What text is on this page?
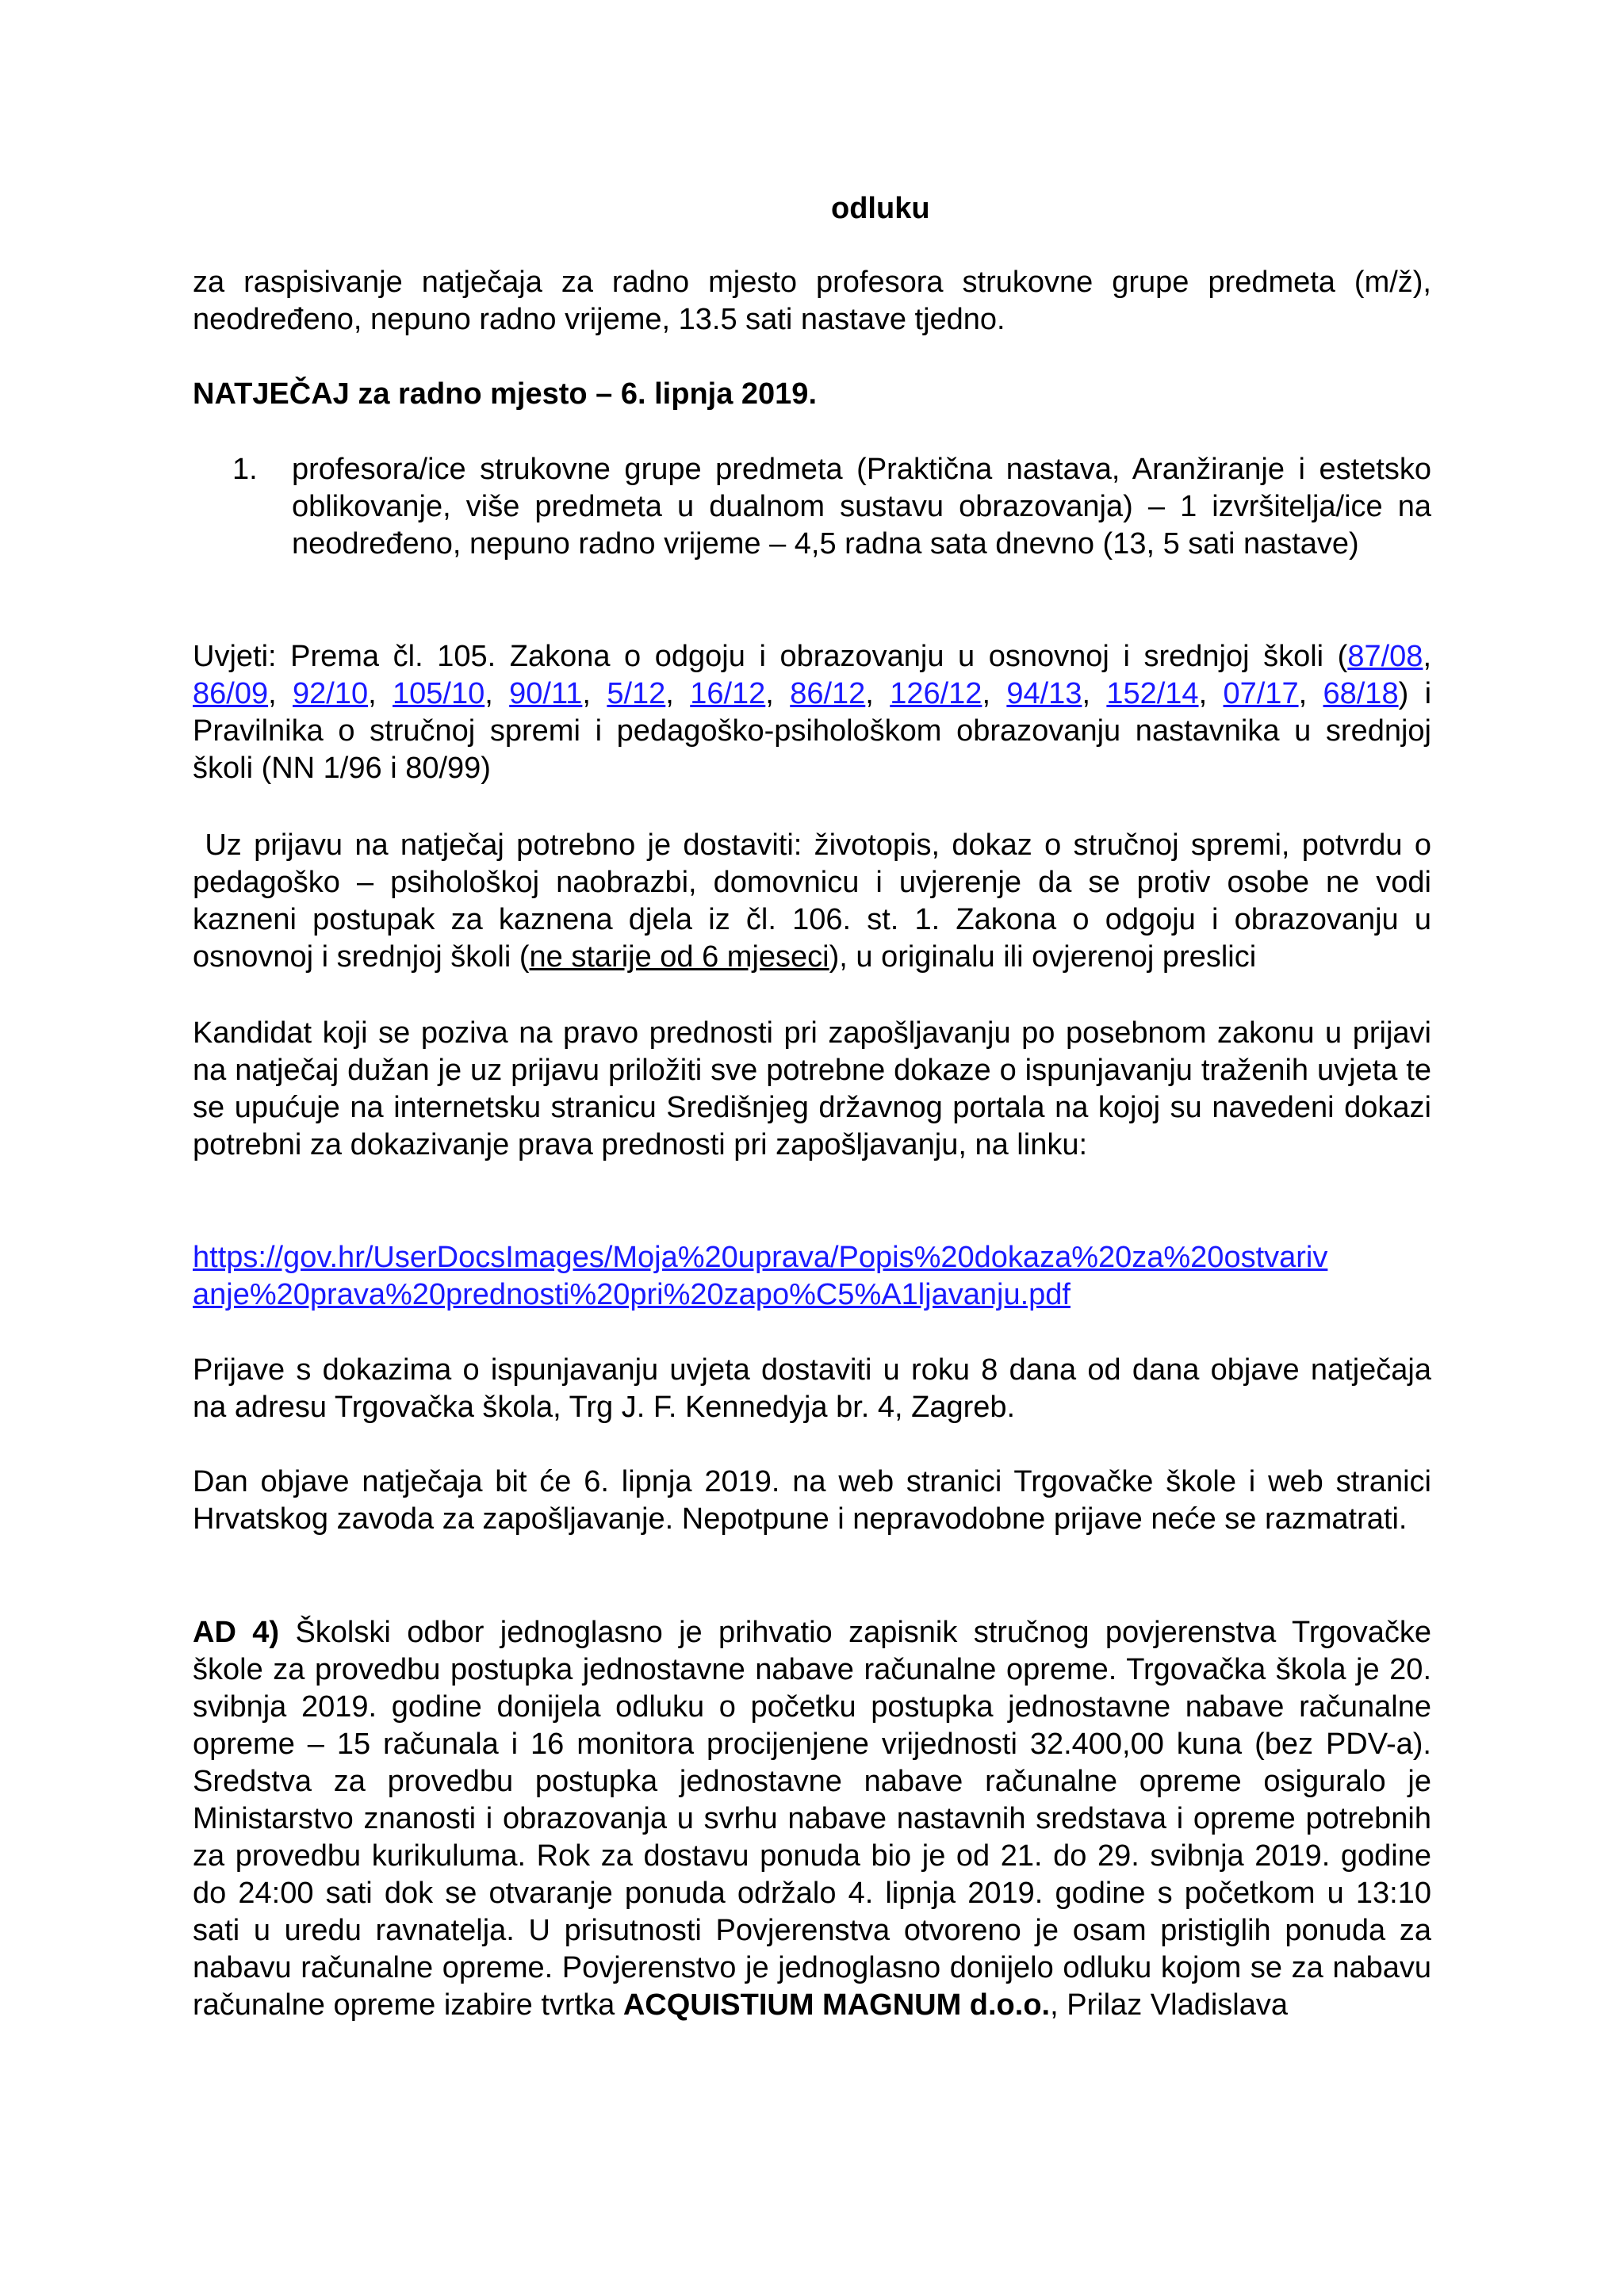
odluku

za raspisivanje natječaja za radno mjesto profesora strukovne grupe predmeta (m/ž), neodređeno, nepuno radno vrijeme, 13.5 sati nastave tjedno.

NATJEČAJ za radno mjesto – 6. lipnja 2019.

1. profesora/ice strukovne grupe predmeta (Praktična nastava, Aranžiranje i estetsko oblikovanje, više predmeta u dualnom sustavu obrazovanja) – 1 izvršitelja/ice na neodređeno, nepuno radno vrijeme – 4,5 radna sata dnevno (13, 5 sati nastave)

Uvjeti: Prema čl. 105. Zakona o odgoju i obrazovanju u osnovnoj i srednjoj školi (87/08, 86/09, 92/10, 105/10, 90/11, 5/12, 16/12, 86/12, 126/12, 94/13, 152/14, 07/17, 68/18) i Pravilnika o stručnoj spremi i pedagoško-psihološkom obrazovanju nastavnika u srednjoj školi (NN 1/96 i 80/99)

Uz prijavu na natječaj potrebno je dostaviti: životopis, dokaz o stručnoj spremi, potvrdu o pedagoško – psihološkoj naobrazbi, domovnicu i uvjerenje da se protiv osobe ne vodi kazneni postupak za kaznena djela iz čl. 106. st. 1. Zakona o odgoju i obrazovanju u osnovnoj i srednjoj školi (ne starije od 6 mjeseci), u originalu ili ovjerenoj preslici

Kandidat koji se poziva na pravo prednosti pri zapošljavanju po posebnom zakonu u prijavi na natječaj dužan je uz prijavu priložiti sve potrebne dokaze o ispunjavanju traženih uvjeta te se upućuje na internetsku stranicu Središnjeg državnog portala na kojoj su navedeni dokazi potrebni za dokazivanje prava prednosti pri zapošljavanju, na linku:

https://gov.hr/UserDocsImages/Moja%20uprava/Popis%20dokaza%20za%20ostvariv
anje%20prava%20prednosti%20pri%20zapo%C5%A1ljavanju.pdf

Prijave s dokazima o ispunjavanju uvjeta dostaviti u roku 8 dana od dana objave natječaja na adresu Trgovačka škola, Trg J. F. Kennedyja br. 4, Zagreb.

Dan objave natječaja bit će 6. lipnja 2019. na web stranici Trgovačke škole i web stranici Hrvatskog zavoda za zapošljavanje. Nepotpune i nepravodobne prijave neće se razmatrati.

AD 4) Školski odbor jednoglasno je prihvatio zapisnik stručnog povjerenstva Trgovačke škole za provedbu postupka jednostavne nabave računalne opreme. Trgovačka škola je 20. svibnja 2019. godine donijela odluku o početku postupka jednostavne nabave računalne opreme – 15 računala i 16 monitora procijenjene vrijednosti 32.400,00 kuna (bez PDV-a). Sredstva za provedbu postupka jednostavne nabave računalne opreme osiguralo je Ministarstvo znanosti i obrazovanja u svrhu nabave nastavnih sredstava i opreme potrebnih za provedbu kurikuluma. Rok za dostavu ponuda bio je od 21. do 29. svibnja 2019. godine do 24:00 sati dok se otvaranje ponuda održalo 4. lipnja 2019. godine s početkom u 13:10 sati u uredu ravnatelja. U prisutnosti Povjerenstva otvoreno je osam pristiglih ponuda za nabavu računalne opreme. Povjerenstvo je jednoglasno donijelo odluku kojom se za nabavu računalne opreme izabire tvrtka ACQUISTIUM MAGNUM d.o.o., Prilaz Vladislava
